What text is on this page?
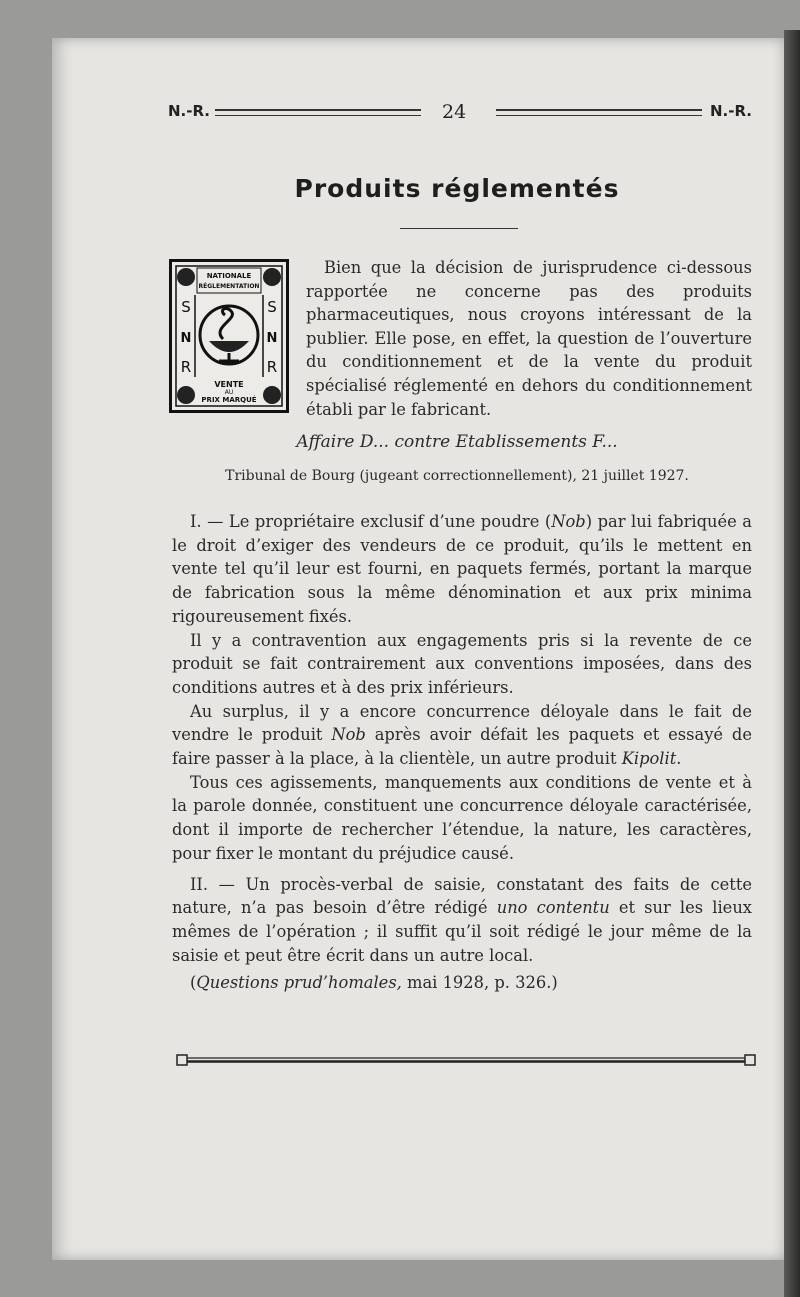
N.-R.	24	N.-R.
Produits réglementés
NATIONALE
RÉGLEMENTATION
S
N
R
S
N
R
VENTE
AU
PRIX MARQUÉ

Bien que la décision de jurisprudence ci-dessous rapportée ne concerne pas des produits pharmaceutiques, nous croyons intéressant de la publier. Elle pose, en effet, la question de l’ouverture du conditionnement et de la vente du produit spécialisé réglementé en dehors du conditionnement établi par le fabricant.

Affaire D... contre Etablissements F...
Tribunal de Bourg (jugeant correctionnellement), 21 juillet 1927.

I. — Le propriétaire exclusif d’une poudre (Nob) par lui fabriquée a le droit d’exiger des vendeurs de ce produit, qu’ils le mettent en vente tel qu’il leur est fourni, en paquets fermés, portant la marque de fabrication sous la même dénomination et aux prix minima rigoureusement fixés.

Il y a contravention aux engagements pris si la revente de ce produit se fait contrairement aux conventions imposées, dans des conditions autres et à des prix inférieurs.

Au surplus, il y a encore concurrence déloyale dans le fait de vendre le produit Nob après avoir défait les paquets et essayé de faire passer à la place, à la clientèle, un autre produit Kipolit.

Tous ces agissements, manquements aux conditions de vente et à la parole donnée, constituent une concurrence déloyale caractérisée, dont il importe de rechercher l’étendue, la nature, les caractères, pour fixer le montant du préjudice causé.

II. — Un procès-verbal de saisie, constatant des faits de cette nature, n’a pas besoin d’être rédigé uno contentu et sur les lieux mêmes de l’opération ; il suffit qu’il soit rédigé le jour même de la saisie et peut être écrit dans un autre local.

(Questions prud’homales, mai 1928, p. 326.)
